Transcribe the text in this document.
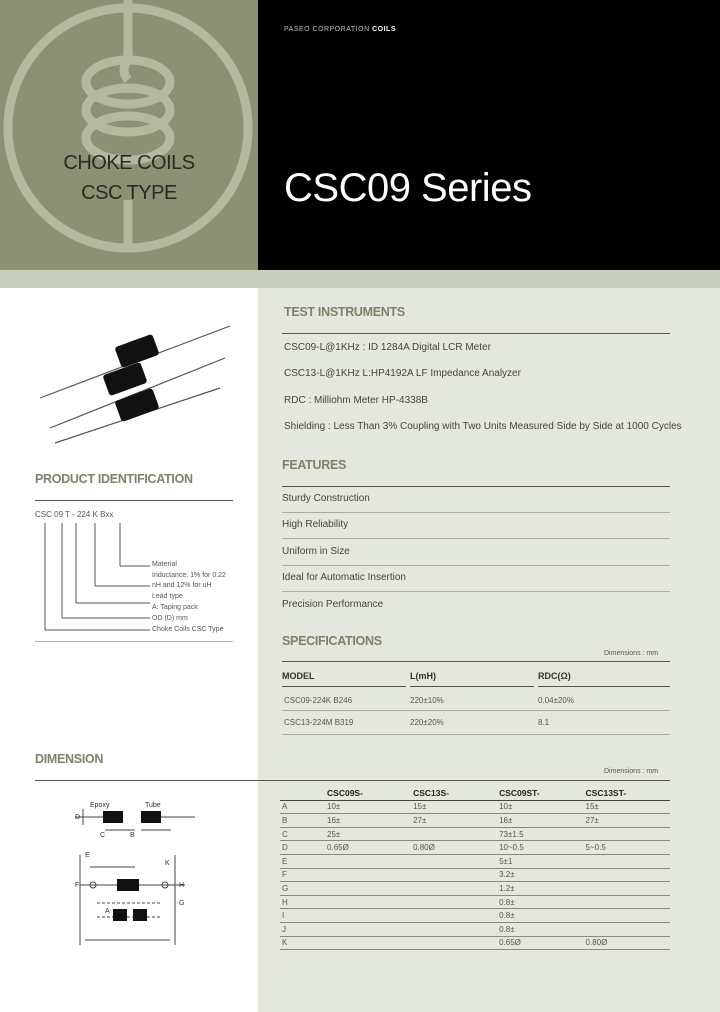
PASEO CORPORATION COILS
CHOKE COILS
CSC TYPE	CSC09 Series
TEST INSTRUMENTS
CSC09-L@1KHz : ID 1284A Digital LCR Meter
CSC13-L@1KHz L:HP4192A LF Impedance Analyzer
RDC : Milliohm Meter HP-4338B
Shielding : Less Than 3% Coupling with Two Units Measured Side by Side at 1000 Cycles
FEATURES
Sturdy Construction
High Reliability
Uniform in Size
Ideal for Automatic Insertion
Precision Performance
SPECIFICATIONS
Dimensions : mm
MODEL	L(mH)	RDC(Ω)
CSC09-224K B246	220±10%	0.04±20%
CSC13-224M B319	220±20%	8.1
PRODUCT IDENTIFICATION
CSC 09 T - 224 K Bxx
Material
Inductance: 1% for 0.22
nH and 12% for uH
Lead type
A: Taping pack
OD (D) mm
Choke Coils CSC Type
DIMENSION
Dimensions : mm
Epoxy	Tube
D
C	B
E
F	H
G
A
K
	CSC09S-	CSC13S-	CSC09ST-	CSC13ST-
A	10±	15±	10±	15±
B	16±	27±	16±	27±
C	25±		73±1.5	
D	0.65Ø	0.80Ø	10~0.5	5~0.5
E			5±1	
F			3.2±	
G			1.2±	
H			0.8±	
I			0.8±	
J			0.8±	
K			0.65Ø	0.80Ø
